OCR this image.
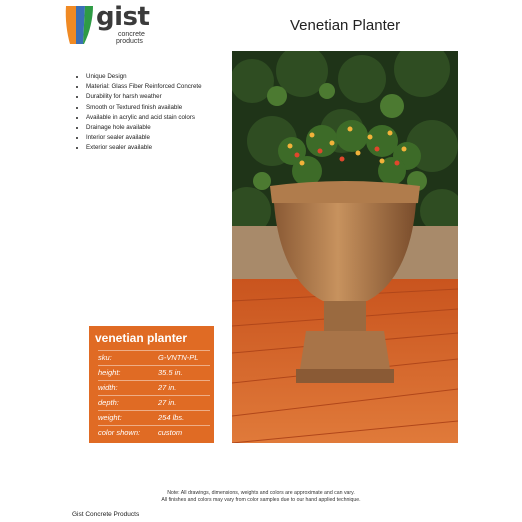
gist
concrete
products
Venetian Planter
• Unique Design
• Material: Glass Fiber Reinforced Concrete
• Durability for harsh weather
• Smooth or Textured finish available
• Available in acrylic and acid stain colors
• Drainage hole available
• Interior sealer available
• Exterior sealer available
venetian planter
sku:	G-VNTN-PL
height:	35.5 in.
width:	27 in.
depth:	27 in.
weight:	254 lbs.
color shown: custom
Note: All drawings, dimensions, weights and colors are approximate and can vary.
All finishes and colors may vary from color samples due to our hand applied technique.
Gist Concrete Products
